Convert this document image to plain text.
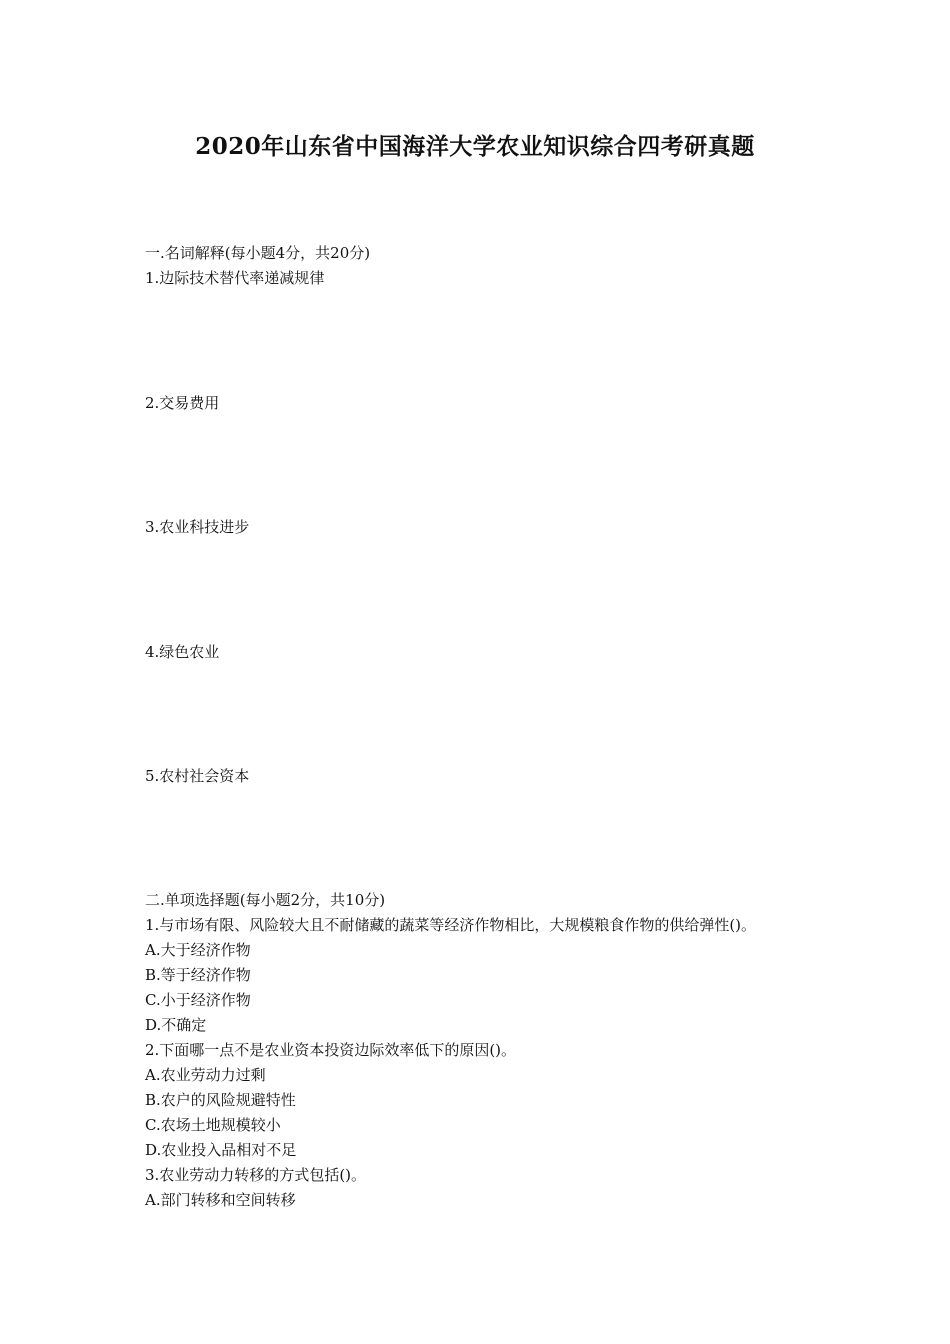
2020年山东省中国海洋大学农业知识综合四考研真题
一.名词解释(每小题4分，共20分)
1.边际技术替代率递减规律
2.交易费用
3.农业科技进步
4.绿色农业
5.农村社会资本
二.单项选择题(每小题2分，共10分)
1.与市场有限、风险较大且不耐储藏的蔬菜等经济作物相比，大规模粮食作物的供给弹性()。
A.大于经济作物
B.等于经济作物
C.小于经济作物
D.不确定
2.下面哪一点不是农业资本投资边际效率低下的原因()。
A.农业劳动力过剩
B.农户的风险规避特性
C.农场土地规模较小
D.农业投入品相对不足
3.农业劳动力转移的方式包括()。
A.部门转移和空间转移
